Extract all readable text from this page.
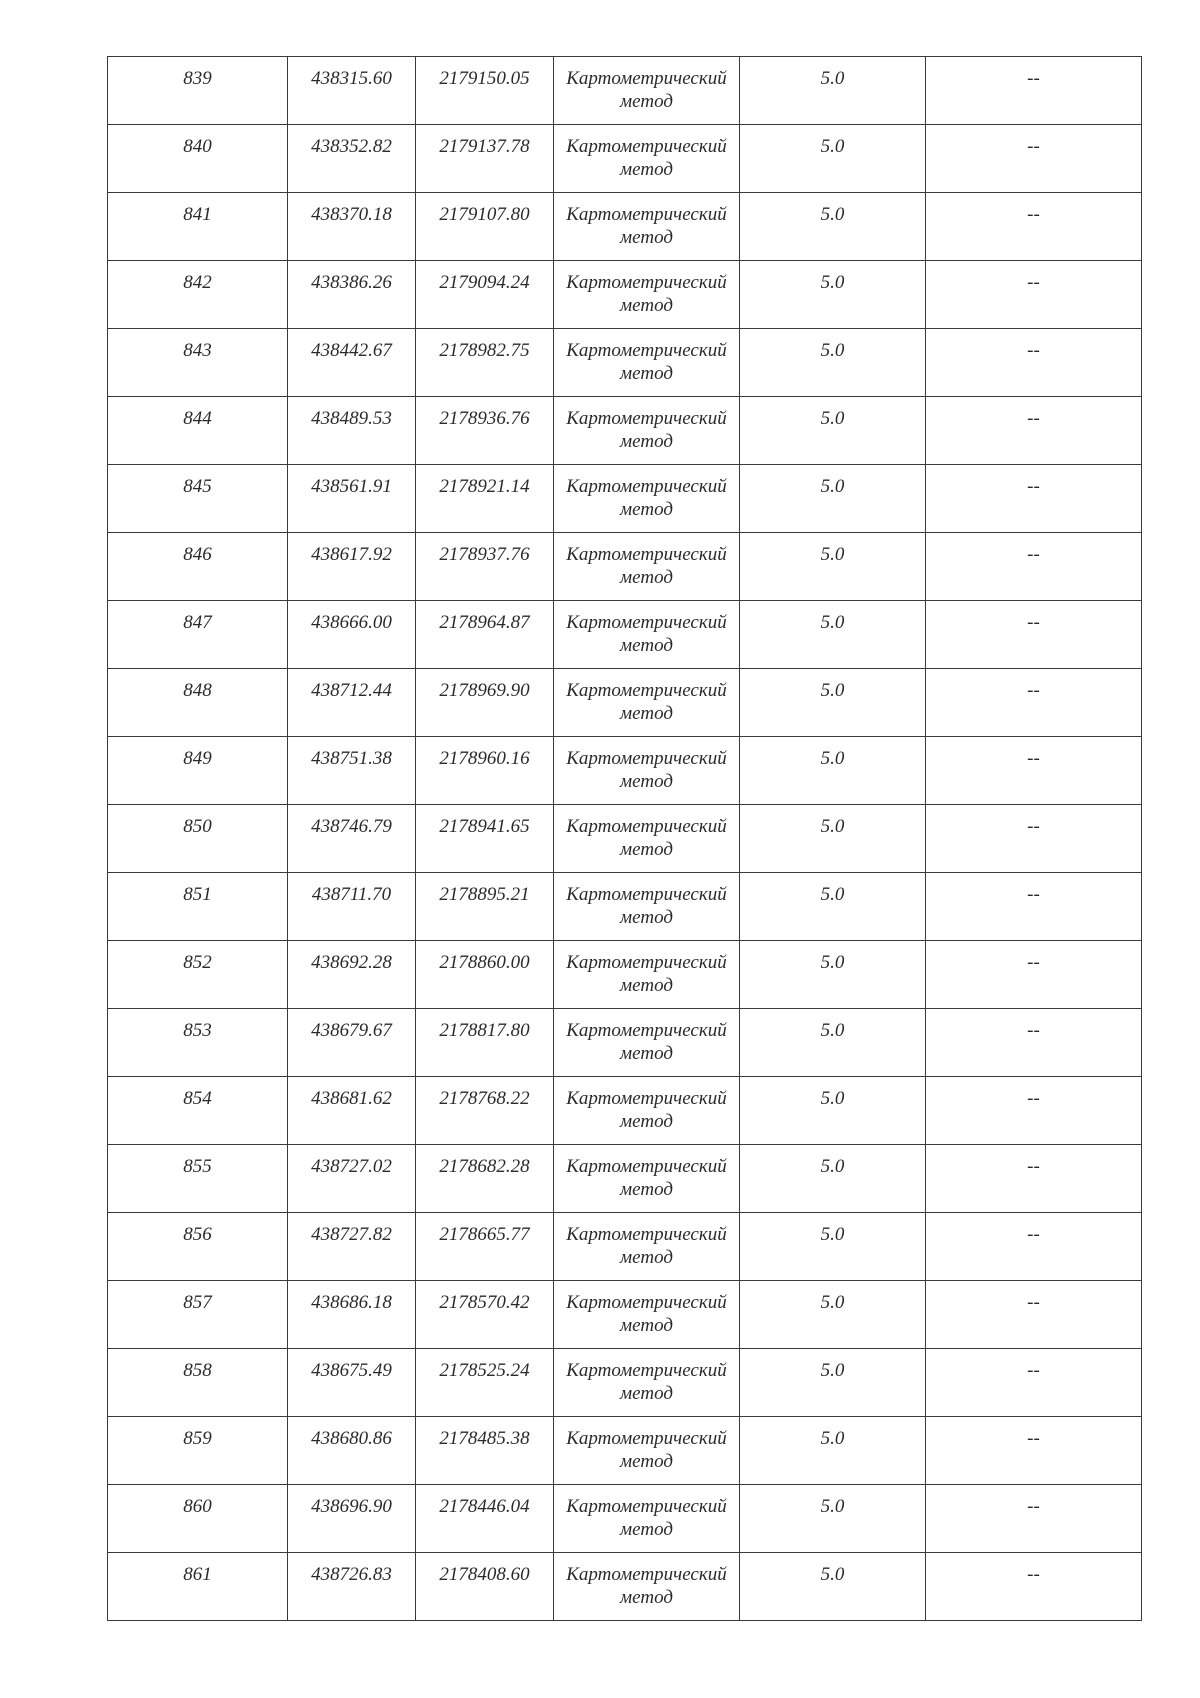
839	438315.60	2179150.05	Картометрический
метод	5.0	--

840	438352.82	2179137.78	Картометрический
метод	5.0	--

841	438370.18	2179107.80	Картометрический
метод	5.0	--

842	438386.26	2179094.24	Картометрический
метод	5.0	--

843	438442.67	2178982.75	Картометрический
метод	5.0	--

844	438489.53	2178936.76	Картометрический
метод	5.0	--

845	438561.91	2178921.14	Картометрический
метод	5.0	--

846	438617.92	2178937.76	Картометрический
метод	5.0	--

847	438666.00	2178964.87	Картометрический
метод	5.0	--

848	438712.44	2178969.90	Картометрический
метод	5.0	--

849	438751.38	2178960.16	Картометрический
метод	5.0	--

850	438746.79	2178941.65	Картометрический
метод	5.0	--

851	438711.70	2178895.21	Картометрический
метод	5.0	--

852	438692.28	2178860.00	Картометрический
метод	5.0	--

853	438679.67	2178817.80	Картометрический
метод	5.0	--

854	438681.62	2178768.22	Картометрический
метод	5.0	--

855	438727.02	2178682.28	Картометрический
метод	5.0	--

856	438727.82	2178665.77	Картометрический
метод	5.0	--

857	438686.18	2178570.42	Картометрический
метод	5.0	--

858	438675.49	2178525.24	Картометрический
метод	5.0	--

859	438680.86	2178485.38	Картометрический
метод	5.0	--

860	438696.90	2178446.04	Картометрический
метод	5.0	--

861	438726.83	2178408.60	Картометрический
метод	5.0	--
